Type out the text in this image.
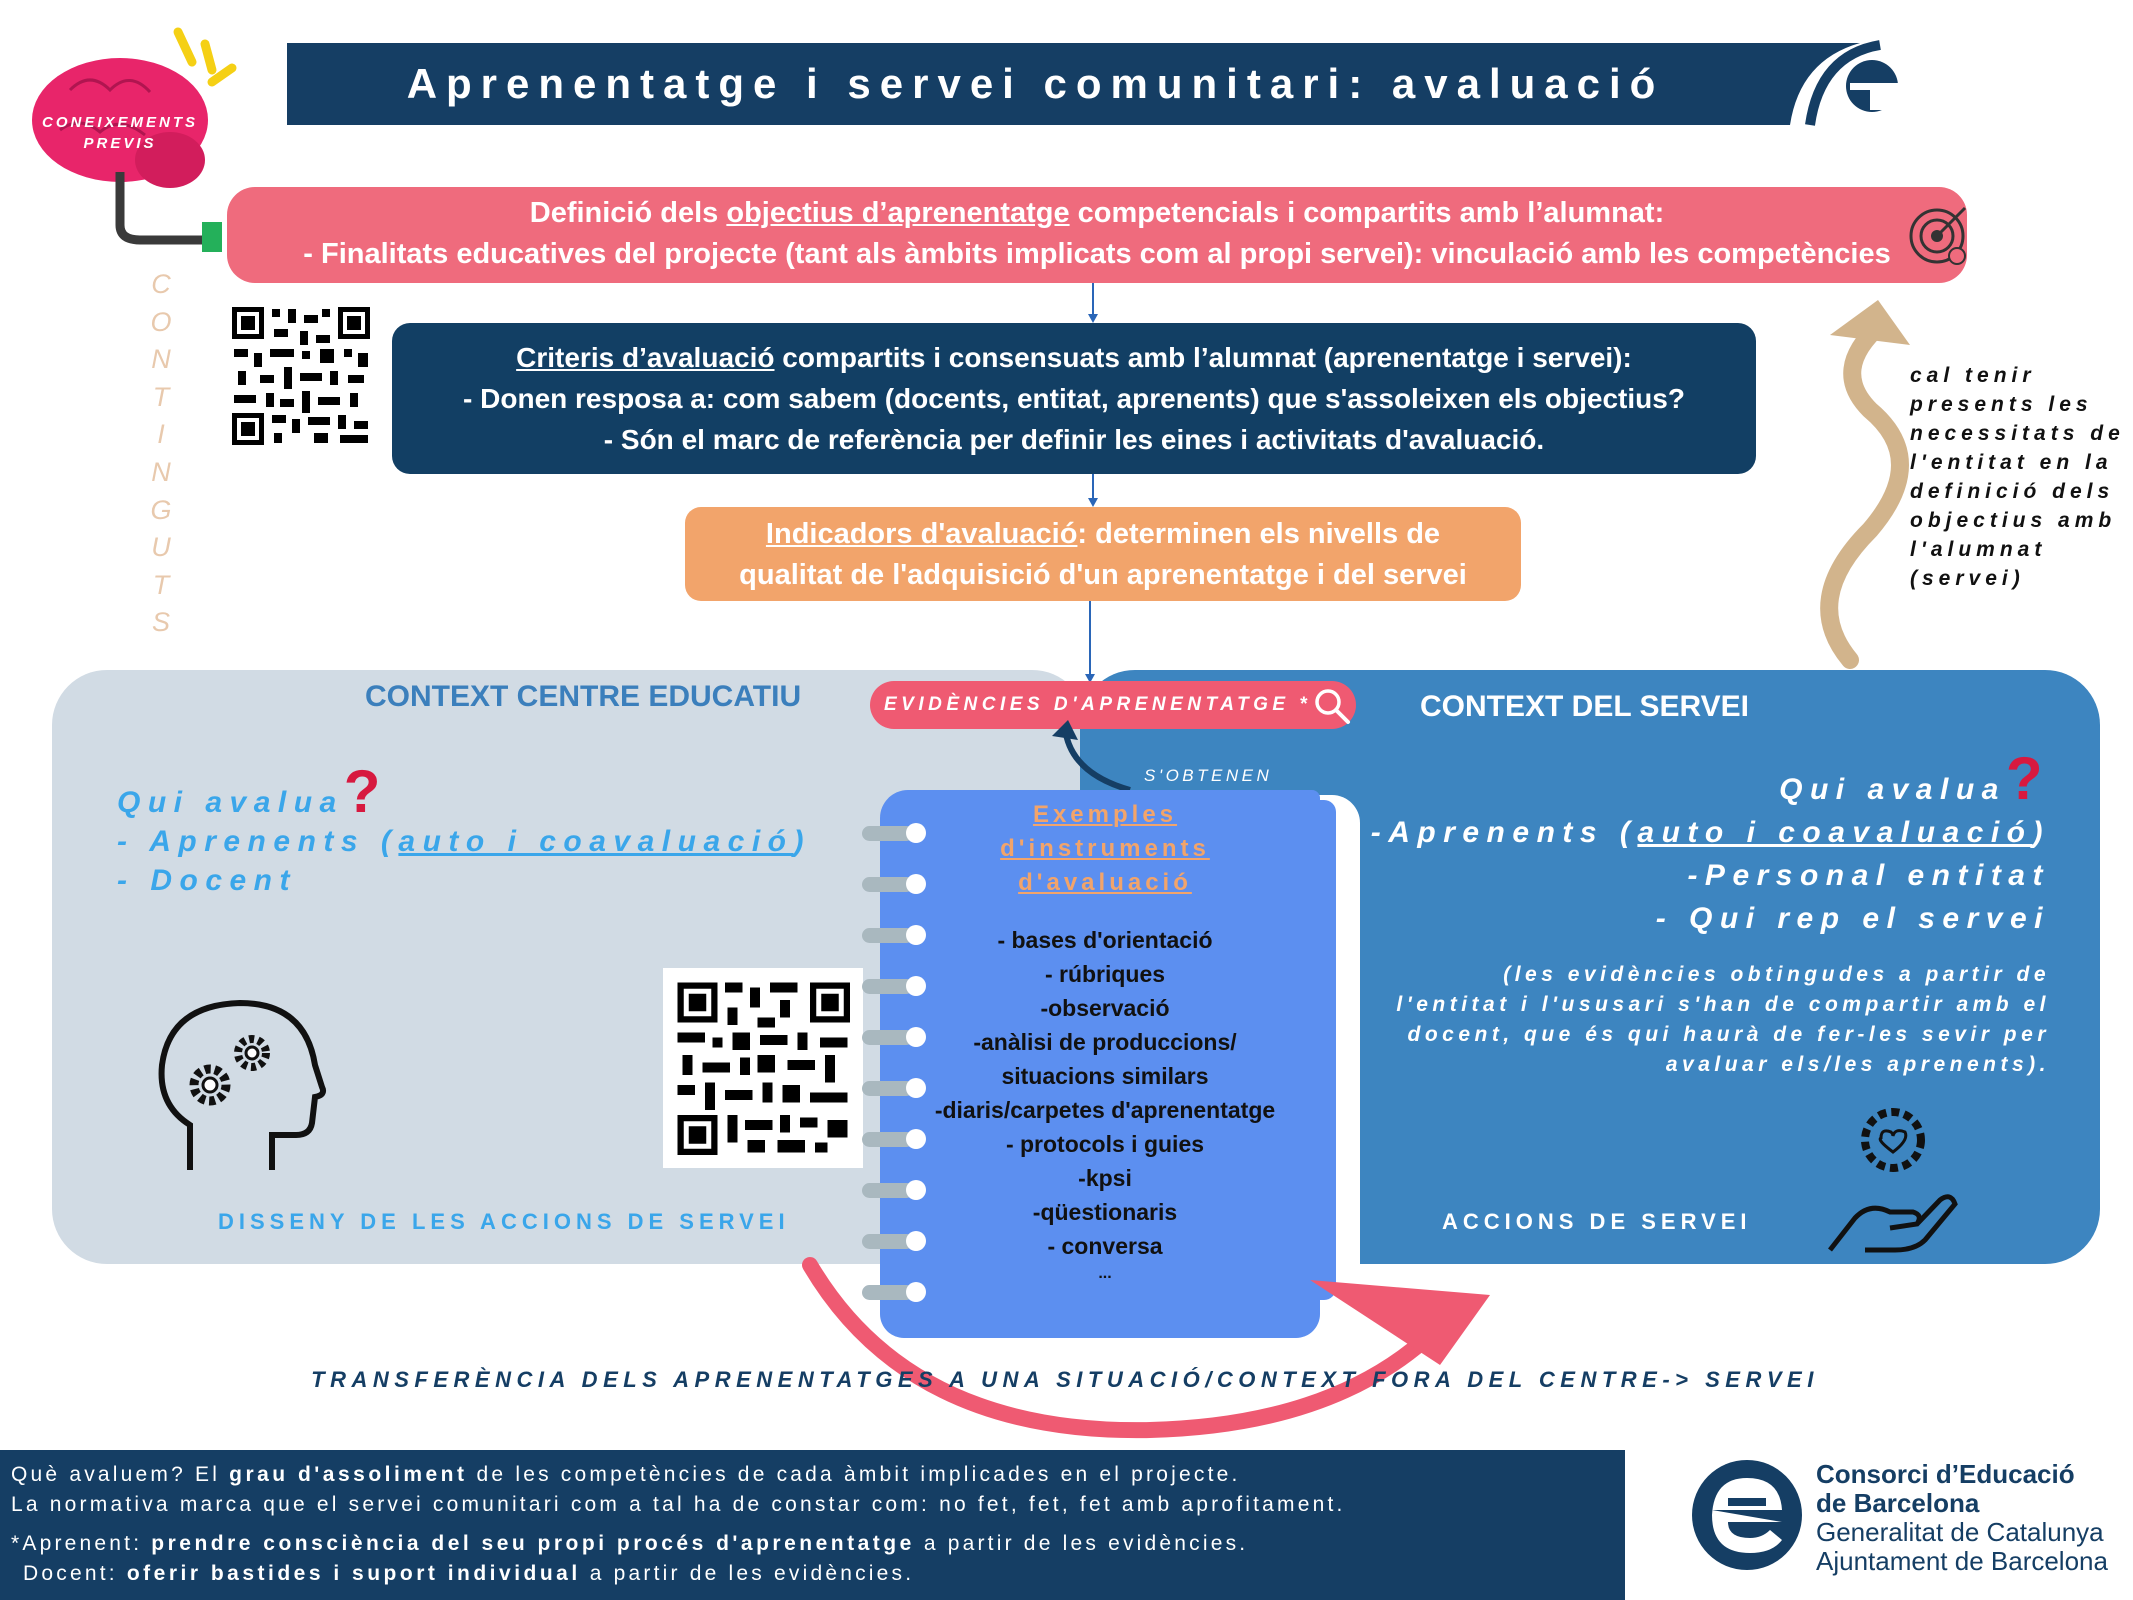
Aprenentatge i servei comunitari: avaluació
CONEIXEMENTS
PREVIS
Definició dels objectius d’aprenentatge competencials i compartits amb l’alumnat:
- Finalitats educatives del projecte (tant als àmbits implicats com al propi servei): vinculació amb les competències
C
O
N
T
I
N
G
U
T
S
Criteris d’avaluació compartits i consensuats amb l’alumnat (aprenentatge i servei):
- Donen resposa a: com sabem (docents, entitat, aprenents) que s'assoleixen els objectius?
- Són el marc de referència per definir les eines i activitats d'avaluació.
Indicadors d'avaluació: determinen els nivells de
qualitat de l'adquisició d'un aprenentatge i del servei
cal tenir
presents les
necessitats de
l'entitat en la
definició dels
objectius amb
l'alumnat
(servei)
CONTEXT CENTRE EDUCATIU	CONTEXT DEL SERVEI
EVIDÈNCIES D'APRENENTATGE *
S'OBTENEN
Qui avalua?
- Aprenents (auto i coavaluació)
- Docent
Qui avalua?
-Aprenents (auto i coavaluació)
-Personal entitat
- Qui rep el servei
(les evidències obtingudes a partir de l'entitat i l'ususari s'han de compartir amb el docent, que és qui haurà de fer-les sevir per avaluar els/les aprenents).
DISSENY DE LES ACCIONS DE SERVEI	ACCIONS DE SERVEI
Exemples
d'instruments
d'avaluació
- bases d'orientació
- rúbriques
-observació
-anàlisi de produccions/
situacions similars
-diaris/carpetes d'aprenentatge
- protocols i guies
-kpsi
-qüestionaris
- conversa
...
TRANSFERÈNCIA DELS APRENENTATGES A UNA SITUACIÓ/CONTEXT FORA DEL CENTRE-> SERVEI
Què avaluem? El grau d'assoliment de les competències de cada àmbit implicades en el projecte.
La normativa marca que el servei comunitari com a tal ha de constar com: no fet, fet, fet amb aprofitament.
*Aprenent: prendre consciència del seu propi procés d'aprenentatge a partir de les evidències.
Docent: oferir bastides i suport individual a partir de les evidències.
Consorci d’Educació
de Barcelona
Generalitat de Catalunya
Ajuntament de Barcelona
